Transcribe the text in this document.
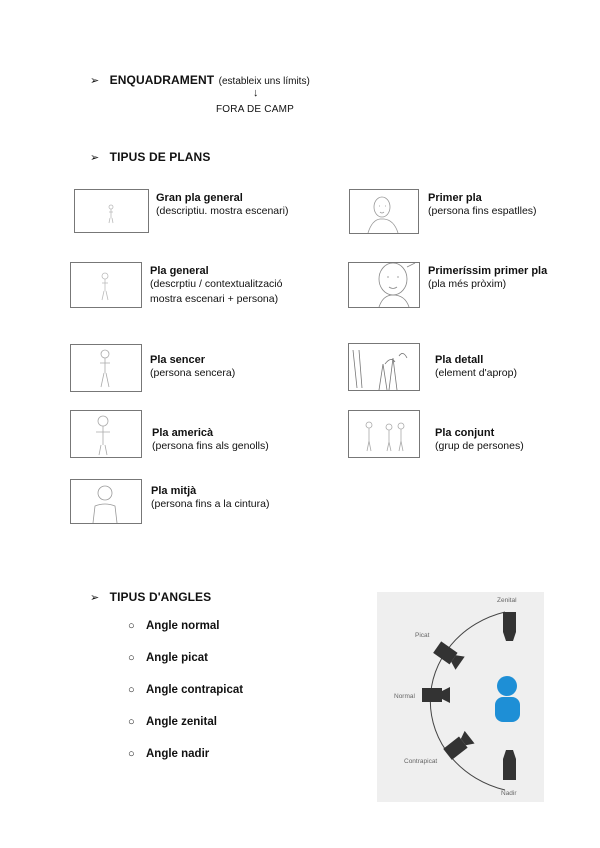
➢ ENQUADRAMENT (estableix uns límits)
↓
FORA DE CAMP
➢ TIPUS DE PLANS
Gran pla general
(descriptiu. mostra escenari)
Primer pla
(persona fins espatlles)
Pla general
(descrptiu / contextualització
mostra escenari + persona)
Primeríssim primer pla
(pla més pròxim)
Pla sencer
(persona sencera)
Pla detall
(element d'aprop)
Pla americà
(persona fins als genolls)
Pla conjunt
(grup de persones)
Pla mitjà
(persona fins a la cintura)
➢ TIPUS D'ANGLES
○ Angle normal
○ Angle picat
○ Angle contrapicat
○ Angle zenital
○ Angle nadir
Zenital
Picat
Normal
Contrapicat
Nadir
